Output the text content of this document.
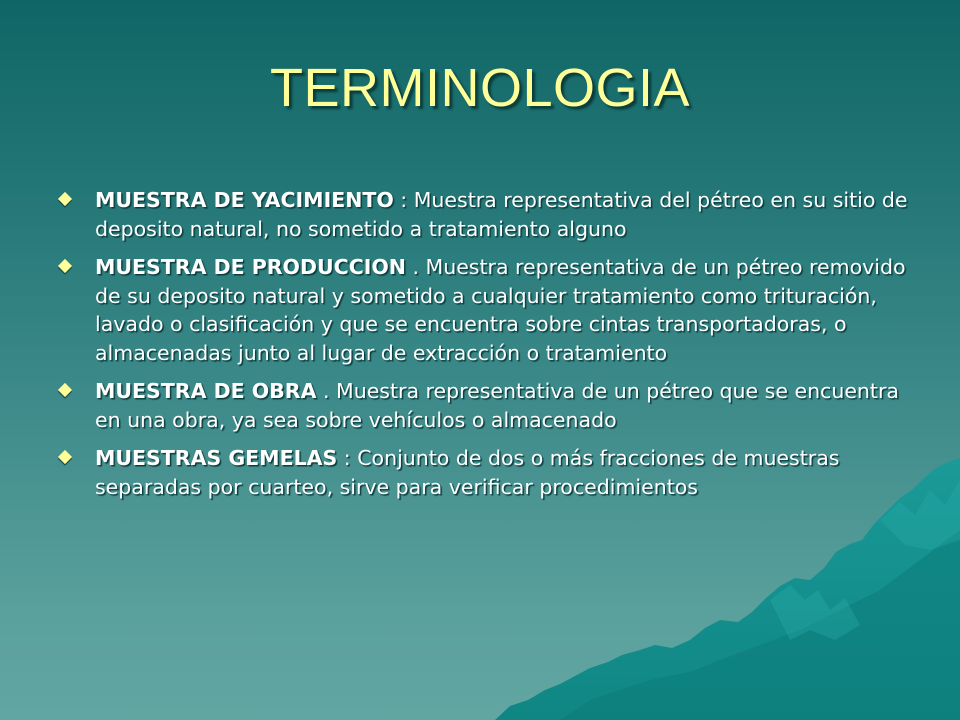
TERMINOLOGIA
MUESTRA DE YACIMIENTO : Muestra representativa del pétreo en su sitio de deposito natural, no sometido a tratamiento alguno
MUESTRA DE PRODUCCION . Muestra representativa de un pétreo removido de su deposito natural y sometido a cualquier tratamiento como trituración, lavado o clasificación y que se encuentra sobre cintas transportadoras, o almacenadas junto al lugar de extracción o tratamiento
MUESTRA DE OBRA . Muestra representativa de un pétreo que se encuentra en una obra, ya sea sobre vehículos o almacenado
MUESTRAS GEMELAS : Conjunto de dos o más fracciones de muestras separadas por cuarteo, sirve para verificar procedimientos
